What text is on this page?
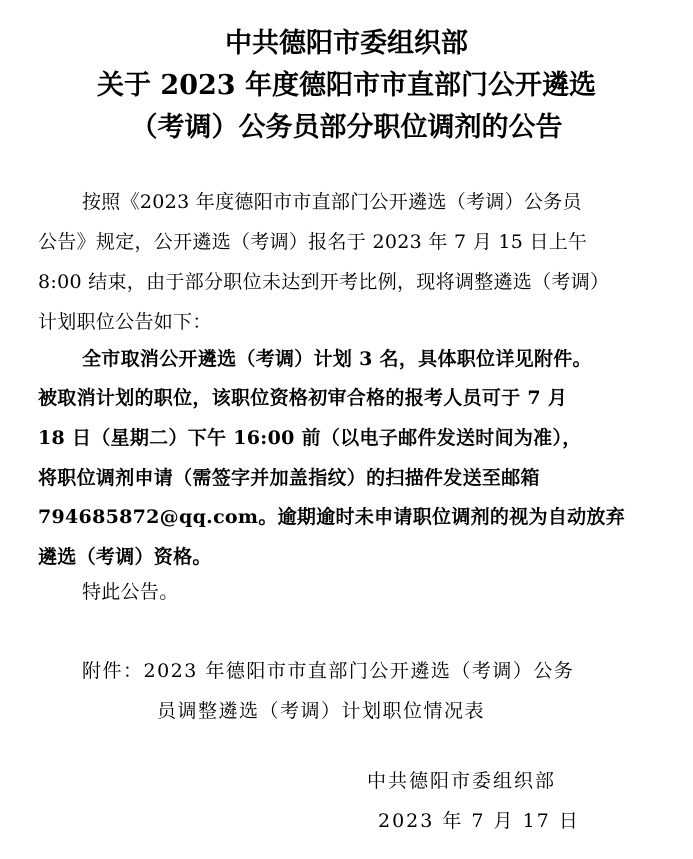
中共德阳市委组织部
关于 2023 年度德阳市市直部门公开遴选
（考调）公务员部分职位调剂的公告
按照《2023 年度德阳市市直部门公开遴选（考调）公务员
公告》规定，公开遴选（考调）报名于 2023 年 7 月 15 日上午
8:00 结束，由于部分职位未达到开考比例，现将调整遴选（考调）
计划职位公告如下：
全市取消公开遴选（考调）计划 3 名，具体职位详见附件。
被取消计划的职位，该职位资格初审合格的报考人员可于 7 月
18 日（星期二）下午 16:00 前（以电子邮件发送时间为准），
将职位调剂申请（需签字并加盖指纹）的扫描件发送至邮箱
794685872@qq.com。逾期逾时未申请职位调剂的视为自动放弃
遴选（考调）资格。
特此公告。
附件：2023 年德阳市市直部门公开遴选（考调）公务
员调整遴选（考调）计划职位情况表
中共德阳市委组织部
2023 年 7 月 17 日
